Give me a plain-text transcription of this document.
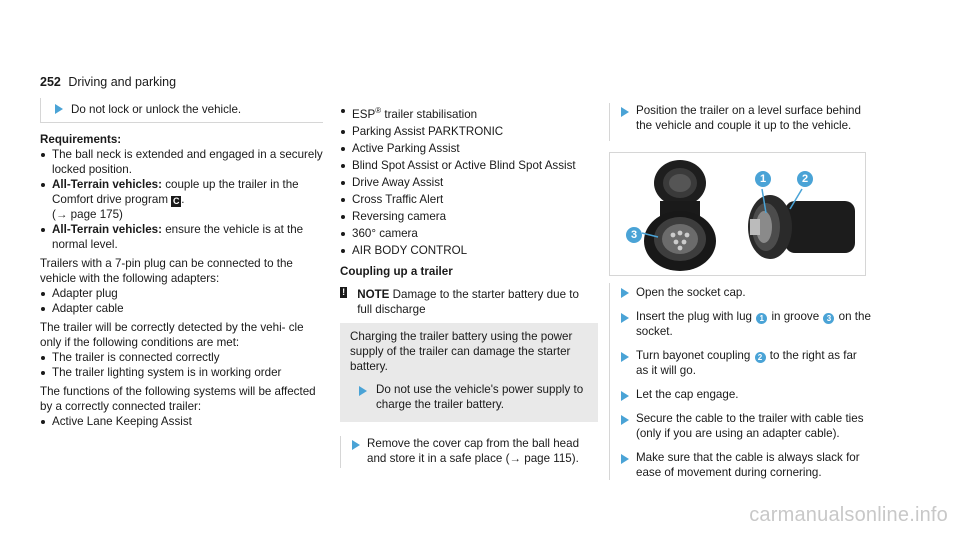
252 Driving and parking
Do not lock or unlock the vehicle.

Requirements:

The ball neck is extended and engaged in a securely locked position.
All-Terrain vehicles: couple up the trailer in the Comfort drive program C .
(→ page 175)
All-Terrain vehicles: ensure the vehicle is at the normal level.

Trailers with a 7-pin plug can be connected to the vehicle with the following adapters:

Adapter plug
Adapter cable

The trailer will be correctly detected by the vehi- cle only if the following conditions are met:

The trailer is connected correctly
The trailer lighting system is in working order

The functions of the following systems will be affected by a correctly connected trailer:

Active Lane Keeping Assist
ESP® trailer stabilisation
Parking Assist PARKTRONIC
Active Parking Assist
Blind Spot Assist or Active Blind Spot Assist
Drive Away Assist
Cross Traffic Alert
Reversing camera
360° camera
AIR BODY CONTROL

Coupling up a trailer

! NOTE Damage to the starter battery due to full discharge

Charging the trailer battery using the power supply of the trailer can damage the starter battery.

Do not use the vehicle's power supply to charge the trailer battery.
Remove the cover cap from the ball head and store it in a safe place (→ page 115).
Position the trailer on a level surface behind the vehicle and couple it up to the vehicle.
1	2
3
Open the socket cap.
Insert the plug with lug 1 in groove 3 on the socket.
Turn bayonet coupling 2 to the right as far as it will go.
Let the cap engage.
Secure the cable to the trailer with cable ties (only if you are using an adapter cable).
Make sure that the cable is always slack for ease of movement during cornering.
carmanualsonline.info
